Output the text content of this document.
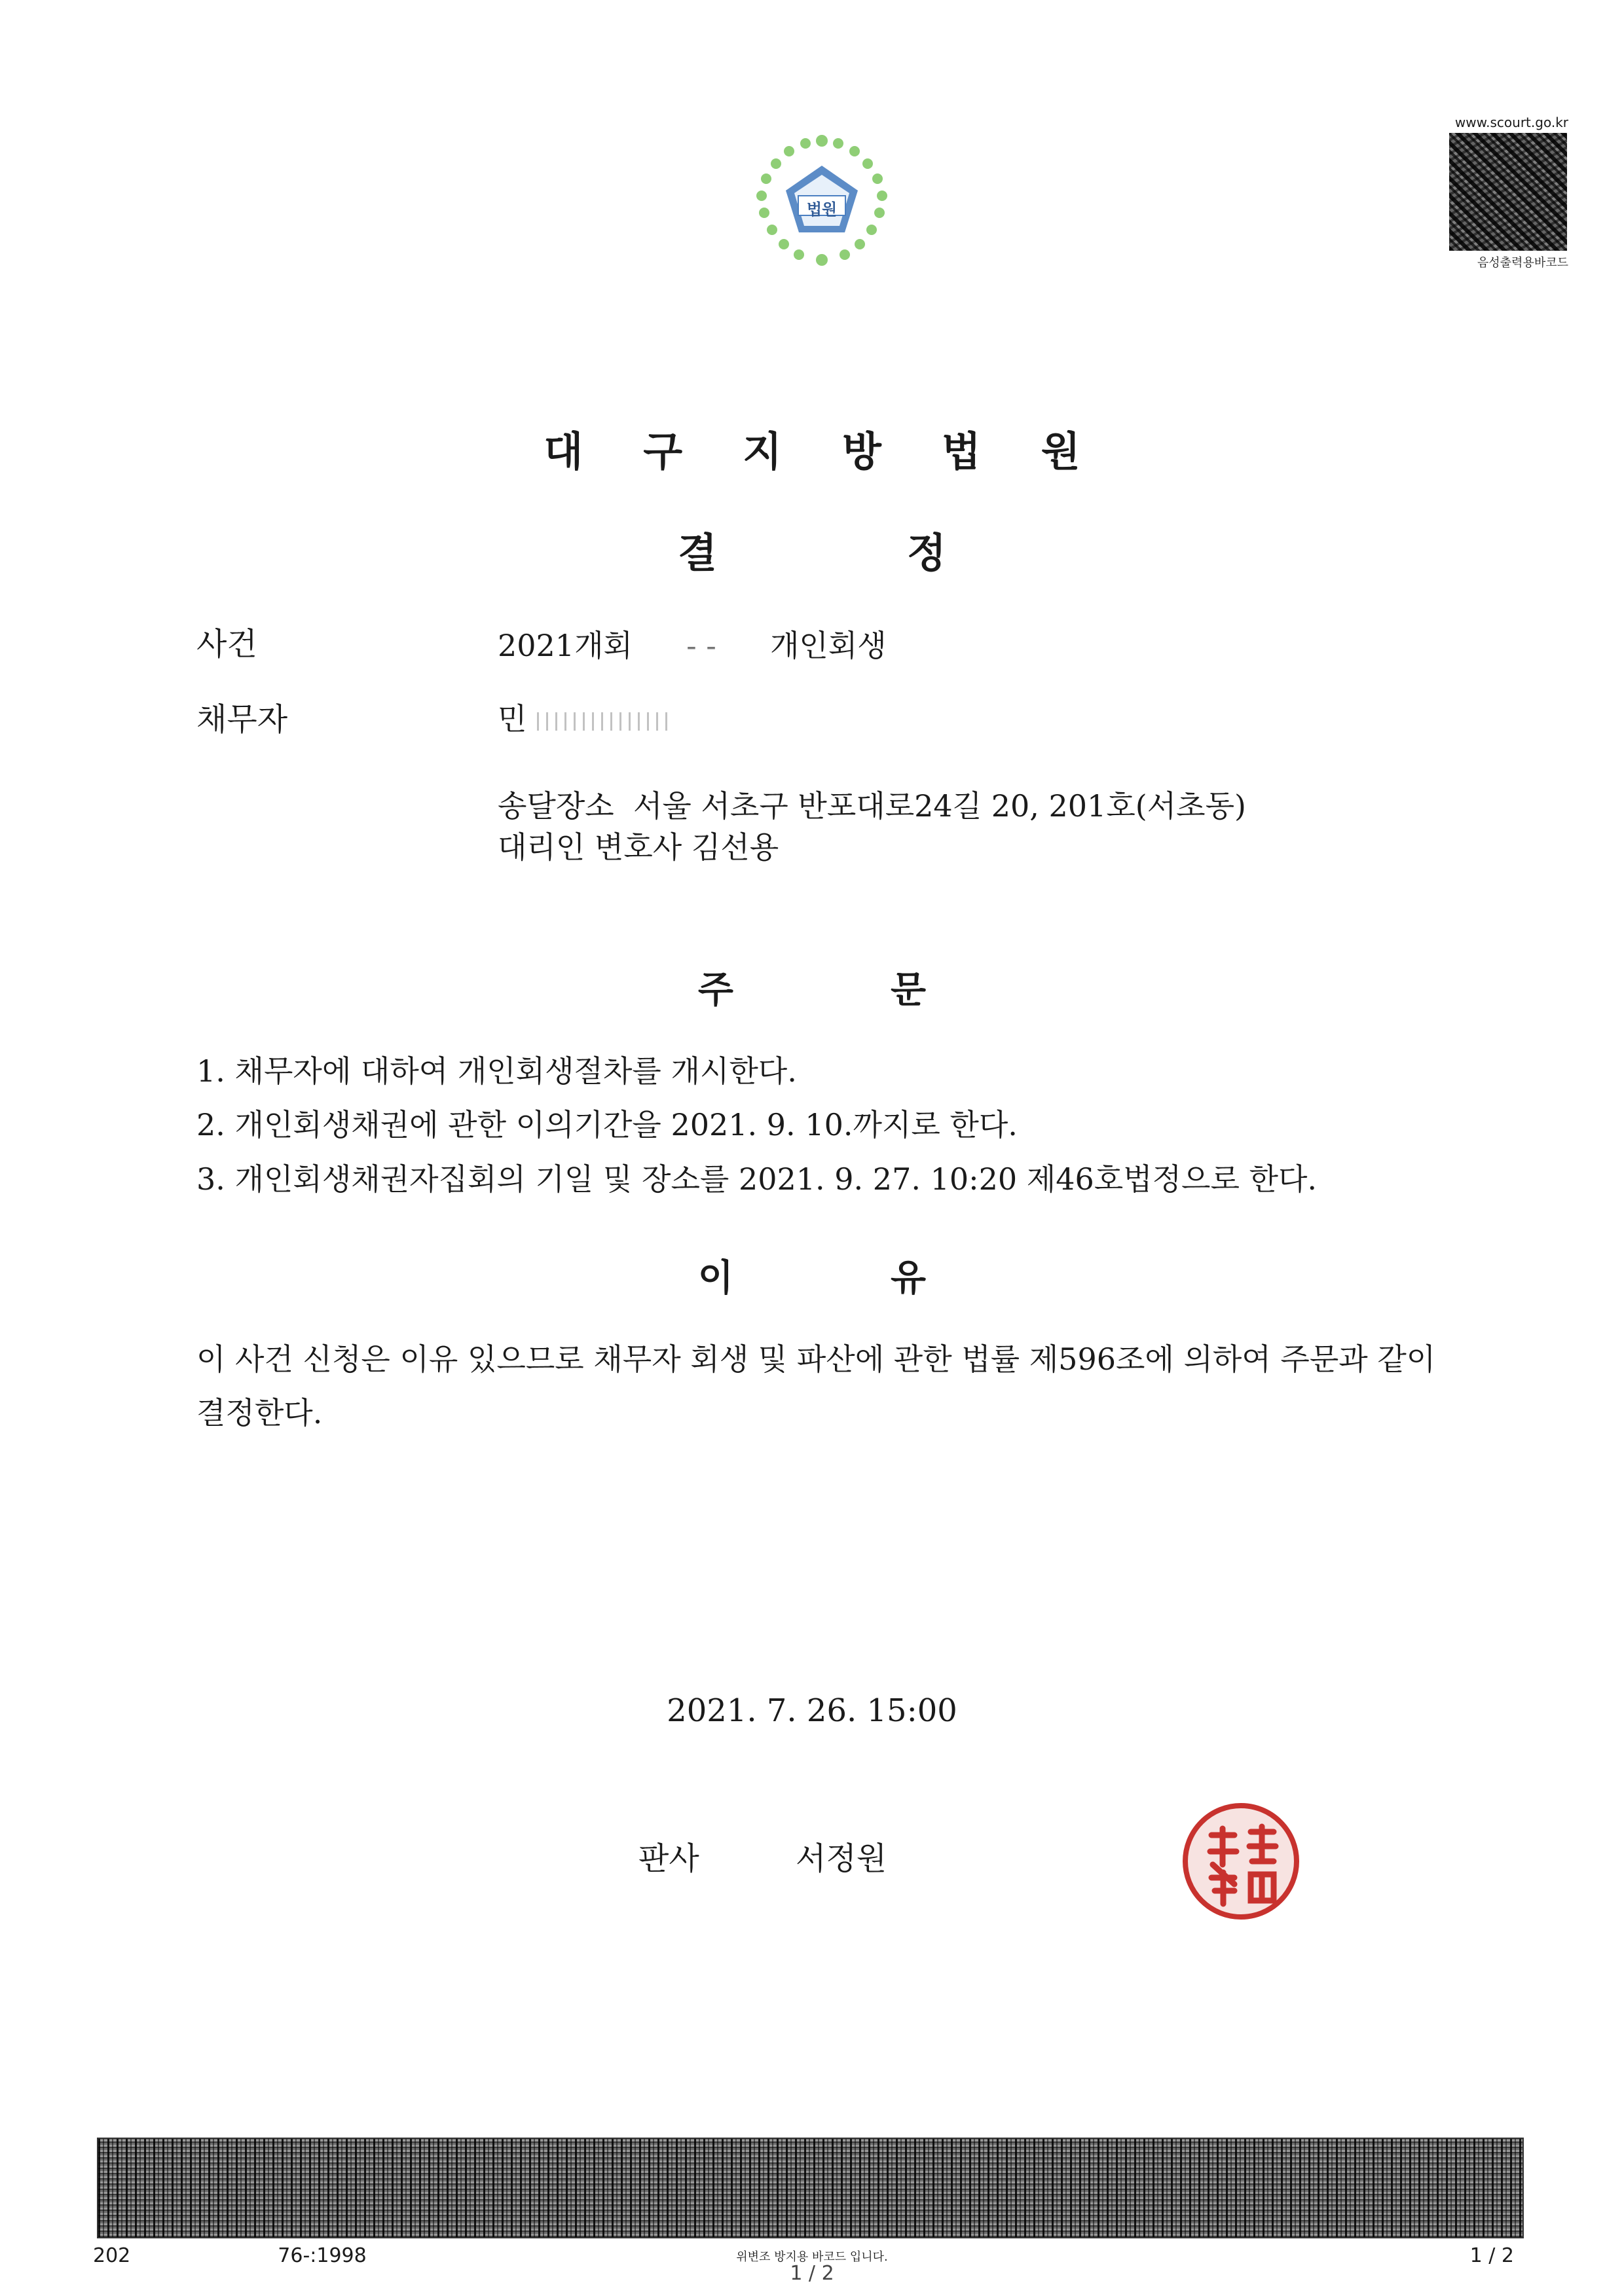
법원
www.scourt.go.kr
음성출력용바코드
대구지방법원
결정
사건	2021개회 - - 개인회생
채무자	민
송달장소  서울 서초구 반포대로24길 20, 201호(서초동)
대리인 변호사 김선용
주문
1. 채무자에 대하여 개인회생절차를 개시한다.
2. 개인회생채권에 관한 이의기간을 2021. 9. 10.까지로 한다.
3. 개인회생채권자집회의 기일 및 장소를 2021. 9. 27. 10:20 제46호법정으로 한다.
이유
이 사건 신청은 이유 있으므로 채무자 회생 및 파산에 관한 법률 제596조에 의하여 주문과 같이 결정한다.
2021. 7. 26. 15:00
판사	서정원
202	76-:1998	위변조 방지용 바코드 입니다.
1 / 2
1 / 2
